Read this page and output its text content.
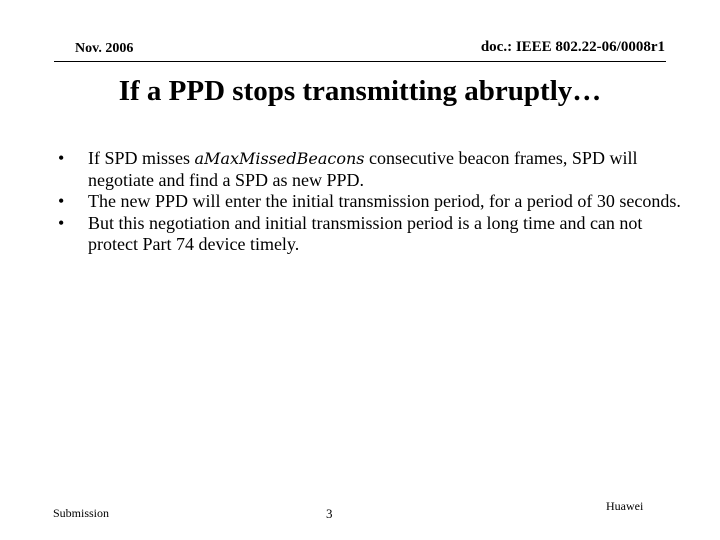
Nov. 2006	doc.: IEEE 802.22-06/0008r1
If a PPD stops transmitting abruptly…
• If SPD misses aMaxMissedBeacons consecutive beacon frames, SPD will negotiate and find a SPD as new PPD.
• The new PPD will enter the initial transmission period, for a period of 30 seconds.
• But this negotiation and initial transmission period is a long time and can not protect Part 74 device timely.
Submission	3	Huawei
